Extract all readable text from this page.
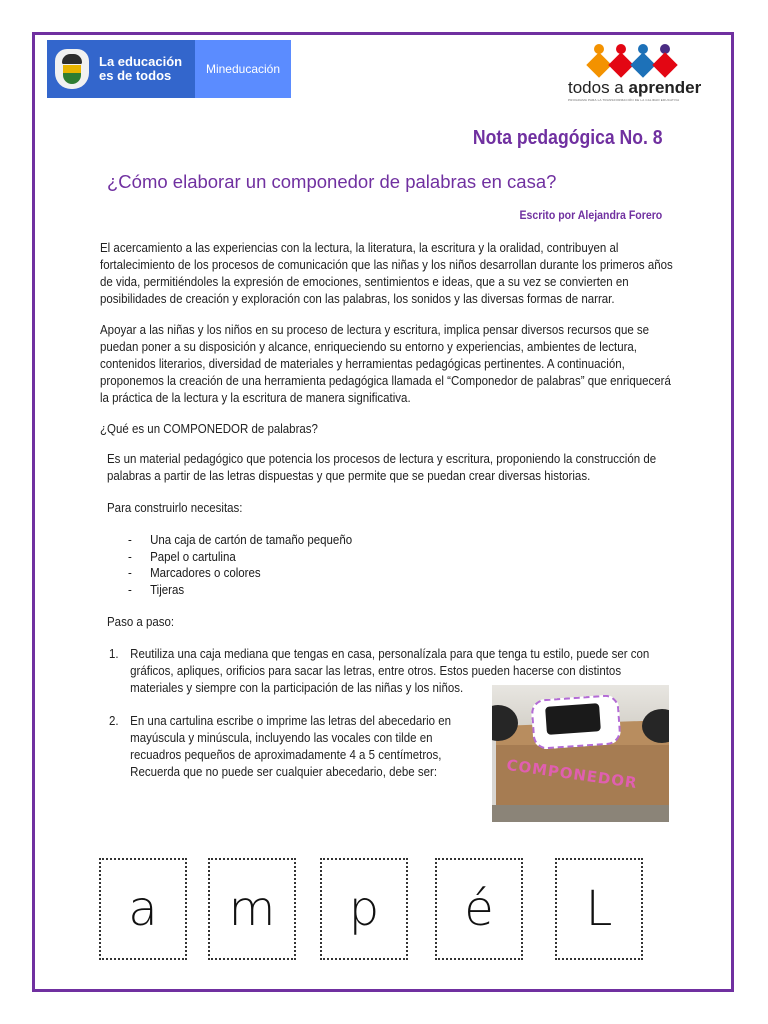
La educación
es de todos	Mineducación
todos a aprender
PROGRAMA PARA LA TRANSFORMACIÓN DE LA CALIDAD EDUCATIVA
Nota pedagógica No. 8
¿Cómo elaborar un componedor de palabras en casa?
Escrito por Alejandra Forero

El acercamiento a las experiencias con la lectura, la literatura, la escritura y la oralidad, contribuyen al

fortalecimiento de los procesos de comunicación que las niñas y los niños desarrollan durante los primeros años

de vida, permitiéndoles la expresión de emociones, sentimientos e ideas, que a su vez se convierten en

posibilidades de creación y exploración con las palabras, los sonidos y las diversas formas de narrar.

Apoyar a las niñas y los niños en su proceso de lectura y escritura, implica pensar diversos recursos que se

puedan poner a su disposición y alcance, enriqueciendo su entorno y experiencias, ambientes de lectura,

contenidos literarios, diversidad de materiales y herramientas pedagógicas pertinentes. A continuación,

proponemos la creación de una herramienta pedagógica llamada el “Componedor de palabras” que enriquecerá

la práctica de la lectura y la escritura de manera significativa.

¿Qué es un COMPONEDOR de palabras?

Es un material pedagógico que potencia los procesos de lectura y escritura, proponiendo la construcción de

palabras a partir de las letras dispuestas y que permite que se puedan crear diversas historias.

Para construirlo necesitas:
-	Una caja de cartón de tamaño pequeño
-	Papel o cartulina
-	Marcadores o colores
-	Tijeras
Paso a paso:
1. Reutiliza una caja mediana que tengas en casa, personalízala para que tenga tu estilo, puede ser con

gráficos, apliques, orificios para sacar las letras, entre otros. Estos pueden hacerse con distintos

materiales y siempre con la participación de las niñas y los niños.

2. En una cartulina escribe o imprime las letras del abecedario en

mayúscula y minúscula, incluyendo las vocales con tilde en

recuadros pequeños de aproximadamente 4 a 5 centímetros,

Recuerda que no puede ser cualquier abecedario, debe ser:	COMPONEDOR
a	m	p	é	L
